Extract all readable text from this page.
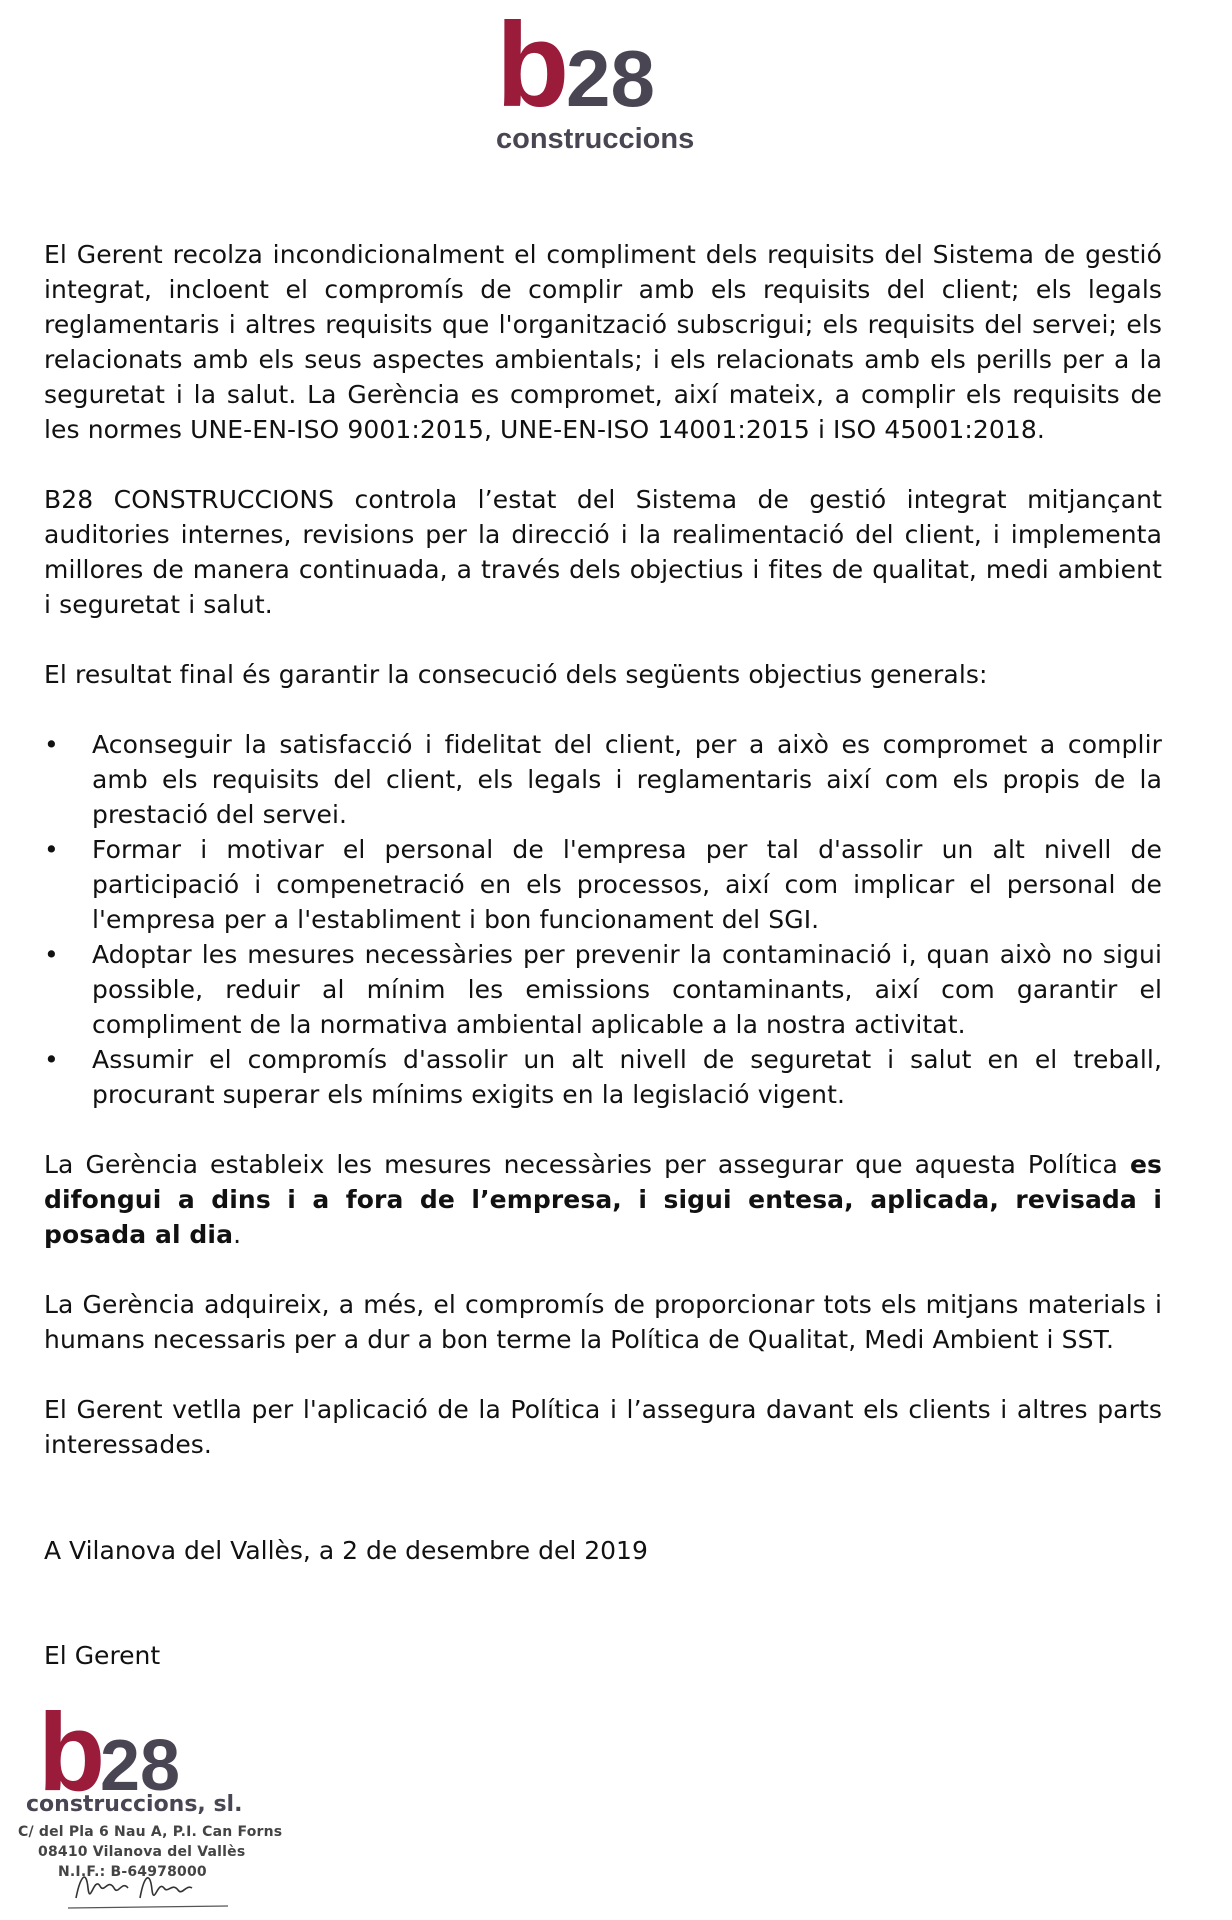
b
28
construccions

El Gerent recolza incondicionalment el compliment dels requisits del Sistema de gestió integrat, incloent el compromís de complir amb els requisits del client; els legals reglamentaris i altres requisits que l'organització subscrigui; els requisits del servei; els relacionats amb els seus aspectes ambientals; i els relacionats amb els perills per a la seguretat i la salut. La Gerència es compromet, així mateix, a complir els requisits de les normes UNE-EN-ISO 9001:2015, UNE-EN-ISO 14001:2015 i ISO 45001:2018.

B28 CONSTRUCCIONS controla l’estat del Sistema de gestió integrat mitjançant auditories internes, revisions per la direcció i la realimentació del client, i implementa millores de manera continuada, a través dels objectius i fites de qualitat, medi ambient i seguretat i salut.

El resultat final és garantir la consecució dels següents objectius generals:

• Aconseguir la satisfacció i fidelitat del client, per a això es compromet a complir amb els requisits del client, els legals i reglamentaris així com els propis de la prestació del servei.
• Formar i motivar el personal de l'empresa per tal d'assolir un alt nivell de participació i compenetració en els processos, així com implicar el personal de l'empresa per a l'establiment i bon funcionament del SGI.
• Adoptar les mesures necessàries per prevenir la contaminació i, quan això no sigui possible, reduir al mínim les emissions contaminants, així com garantir el compliment de la normativa ambiental aplicable a la nostra activitat.
• Assumir el compromís d'assolir un alt nivell de seguretat i salut en el treball, procurant superar els mínims exigits en la legislació vigent.

La Gerència estableix les mesures necessàries per assegurar que aquesta Política es difongui a dins i a fora de l’empresa, i sigui entesa, aplicada, revisada i posada al dia.

La Gerència adquireix, a més, el compromís de proporcionar tots els mitjans materials i humans necessaris per a dur a bon terme la Política de Qualitat, Medi Ambient i SST.

El Gerent vetlla per l'aplicació de la Política i l’assegura davant els clients i altres parts interessades.

A Vilanova del Vallès, a 2 de desembre del 2019
El Gerent
b
28
construccions, sl.
C/ del Pla 6 Nau A, P.I. Can Forns
08410 Vilanova del Vallès
N.I.F.: B-64978000
